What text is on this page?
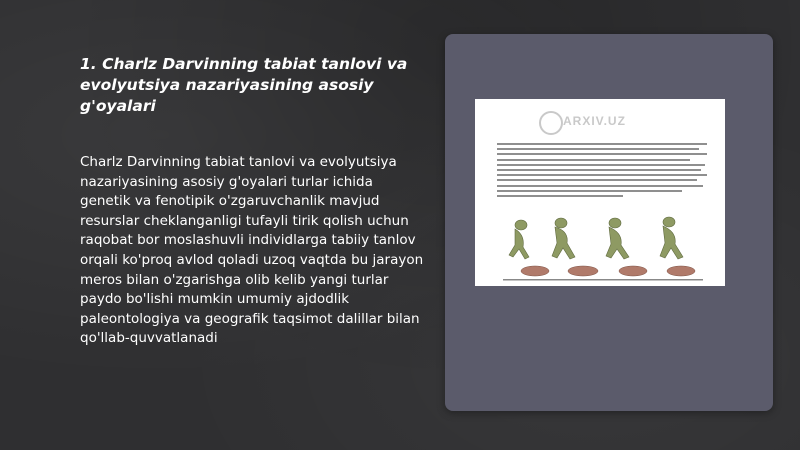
1. Charlz Darvinning tabiat tanlovi va evolyutsiya nazariyasining asosiy g'oyalari

Charlz Darvinning tabiat tanlovi va evolyutsiya nazariyasining asosiy g'oyalari turlar ichida genetik va fenotipik o'zgaruvchanlik mavjud resurslar cheklanganligi tufayli tirik qolish uchun raqobat bor moslashuvli individlarga tabiiy tanlov orqali ko'proq avlod qoladi uzoq vaqtda bu jarayon meros bilan o'zgarishga olib kelib yangi turlar paydo bo'lishi mumkin umumiy ajdodlik paleontologiya va geografik taqsimot dalillar bilan qo'llab-quvvatlanadi

ARXIV.UZ
